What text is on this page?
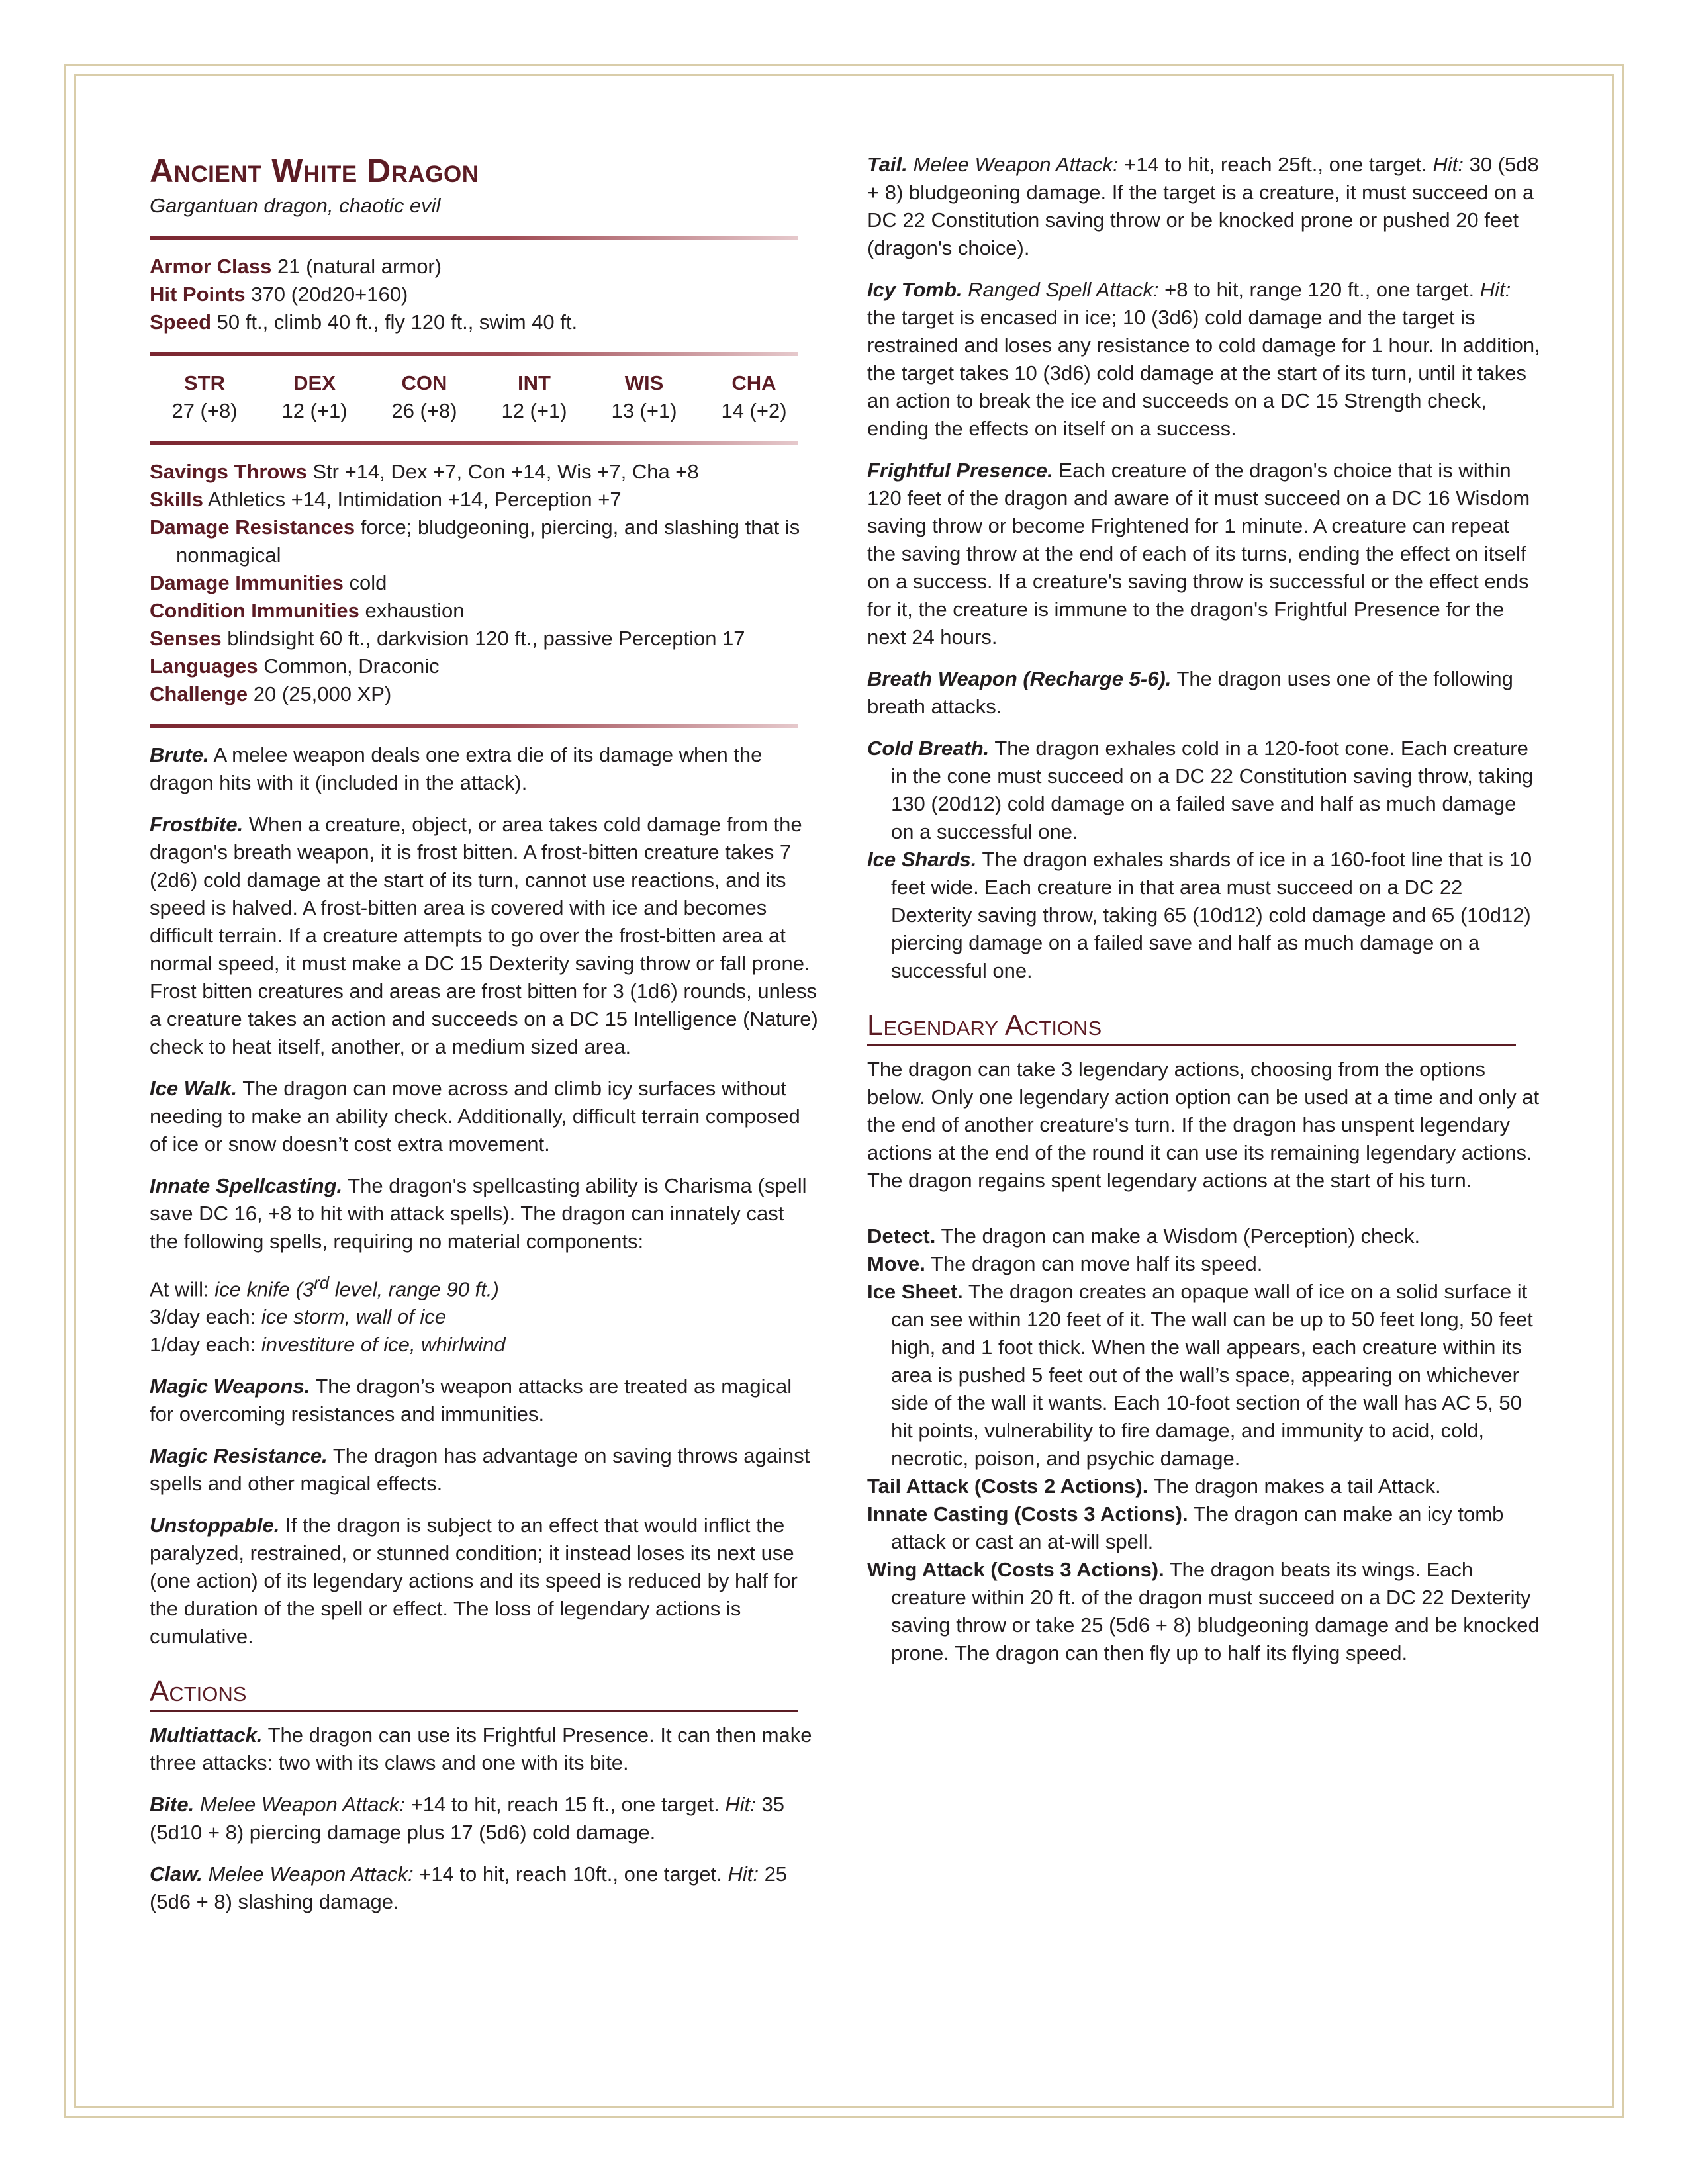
Ancient White Dragon
Gargantuan dragon, chaotic evil
Armor Class 21 (natural armor)
Hit Points 370 (20d20+160)
Speed 50 ft., climb 40 ft., fly 120 ft., swim 40 ft.
STR
27 (+8)
DEX
12 (+1)
CON
26 (+8)
INT
12 (+1)
WIS
13 (+1)
CHA
14 (+2)
Savings Throws Str +14, Dex +7, Con +14, Wis +7, Cha +8
Skills Athletics +14, Intimidation +14, Perception +7
Damage Resistances force; bludgeoning, piercing, and slashing that is nonmagical
Damage Immunities cold
Condition Immunities exhaustion
Senses blindsight 60 ft., darkvision 120 ft., passive Perception 17
Languages Common, Draconic
Challenge 20 (25,000 XP)

Brute. A melee weapon deals one extra die of its damage when the dragon hits with it (included in the attack).

Frostbite. When a creature, object, or area takes cold damage from the dragon's breath weapon, it is frost bitten. A frost-bitten creature takes 7 (2d6) cold damage at the start of its turn, cannot use reactions, and its speed is halved. A frost-bitten area is covered with ice and becomes difficult terrain. If a creature attempts to go over the frost-bitten area at normal speed, it must make a DC 15 Dexterity saving throw or fall prone. Frost bitten creatures and areas are frost bitten for 3 (1d6) rounds, unless a creature takes an action and succeeds on a DC 15 Intelligence (Nature) check to heat itself, another, or a medium sized area.

Ice Walk. The dragon can move across and climb icy surfaces without needing to make an ability check. Additionally, difficult terrain composed of ice or snow doesn’t cost extra movement.

Innate Spellcasting. The dragon's spellcasting ability is Charisma (spell save DC 16, +8 to hit with attack spells). The dragon can innately cast the following spells, requiring no material components:

At will: ice knife (3rd level, range 90 ft.)

3/day each: ice storm, wall of ice

1/day each: investiture of ice, whirlwind

Magic Weapons. The dragon’s weapon attacks are treated as magical for overcoming resistances and immunities.

Magic Resistance. The dragon has advantage on saving throws against spells and other magical effects.

Unstoppable. If the dragon is subject to an effect that would inflict the paralyzed, restrained, or stunned condition; it instead loses its next use (one action) of its legendary actions and its speed is reduced by half for the duration of the spell or effect. The loss of legendary actions is cumulative.

Actions

Multiattack. The dragon can use its Frightful Presence. It can then make three attacks: two with its claws and one with its bite.

Bite. Melee Weapon Attack: +14 to hit, reach 15 ft., one target. Hit: 35 (5d10 + 8) piercing damage plus 17 (5d6) cold damage.

Claw. Melee Weapon Attack: +14 to hit, reach 10ft., one target. Hit: 25 (5d6 + 8) slashing damage.

Tail. Melee Weapon Attack: +14 to hit, reach 25ft., one target. Hit: 30 (5d8 + 8) bludgeoning damage. If the target is a creature, it must succeed on a DC 22 Constitution saving throw or be knocked prone or pushed 20 feet (dragon's choice).

Icy Tomb. Ranged Spell Attack: +8 to hit, range 120 ft., one target. Hit: the target is encased in ice; 10 (3d6) cold damage and the target is restrained and loses any resistance to cold damage for 1 hour. In addition, the target takes 10 (3d6) cold damage at the start of its turn, until it takes an action to break the ice and succeeds on a DC 15 Strength check, ending the effects on itself on a success.

Frightful Presence. Each creature of the dragon's choice that is within 120 feet of the dragon and aware of it must succeed on a DC 16 Wisdom saving throw or become Frightened for 1 minute. A creature can repeat the saving throw at the end of each of its turns, ending the effect on itself on a success. If a creature's saving throw is successful or the effect ends for it, the creature is immune to the dragon's Frightful Presence for the next 24 hours.

Breath Weapon (Recharge 5-6). The dragon uses one of the following breath attacks.

Cold Breath. The dragon exhales cold in a 120-foot cone. Each creature in the cone must succeed on a DC 22 Constitution saving throw, taking 130 (20d12) cold damage on a failed save and half as much damage on a successful one.

Ice Shards. The dragon exhales shards of ice in a 160-foot line that is 10 feet wide. Each creature in that area must succeed on a DC 22 Dexterity saving throw, taking 65 (10d12) cold damage and 65 (10d12) piercing damage on a failed save and half as much damage on a successful one.

Legendary Actions

The dragon can take 3 legendary actions, choosing from the options below. Only one legendary action option can be used at a time and only at the end of another creature's turn. If the dragon has unspent legendary actions at the end of the round it can use its remaining legendary actions. The dragon regains spent legendary actions at the start of his turn.

Detect. The dragon can make a Wisdom (Perception) check.

Move. The dragon can move half its speed.

Ice Sheet. The dragon creates an opaque wall of ice on a solid surface it can see within 120 feet of it. The wall can be up to 50 feet long, 50 feet high, and 1 foot thick. When the wall appears, each creature within its area is pushed 5 feet out of the wall’s space, appearing on whichever side of the wall it wants. Each 10-foot section of the wall has AC 5, 50 hit points, vulnerability to fire damage, and immunity to acid, cold, necrotic, poison, and psychic damage.

Tail Attack (Costs 2 Actions). The dragon makes a tail Attack.

Innate Casting (Costs 3 Actions). The dragon can make an icy tomb attack or cast an at-will spell.

Wing Attack (Costs 3 Actions). The dragon beats its wings. Each creature within 20 ft. of the dragon must succeed on a DC 22 Dexterity saving throw or take 25 (5d6 + 8) bludgeoning damage and be knocked prone. The dragon can then fly up to half its flying speed.
